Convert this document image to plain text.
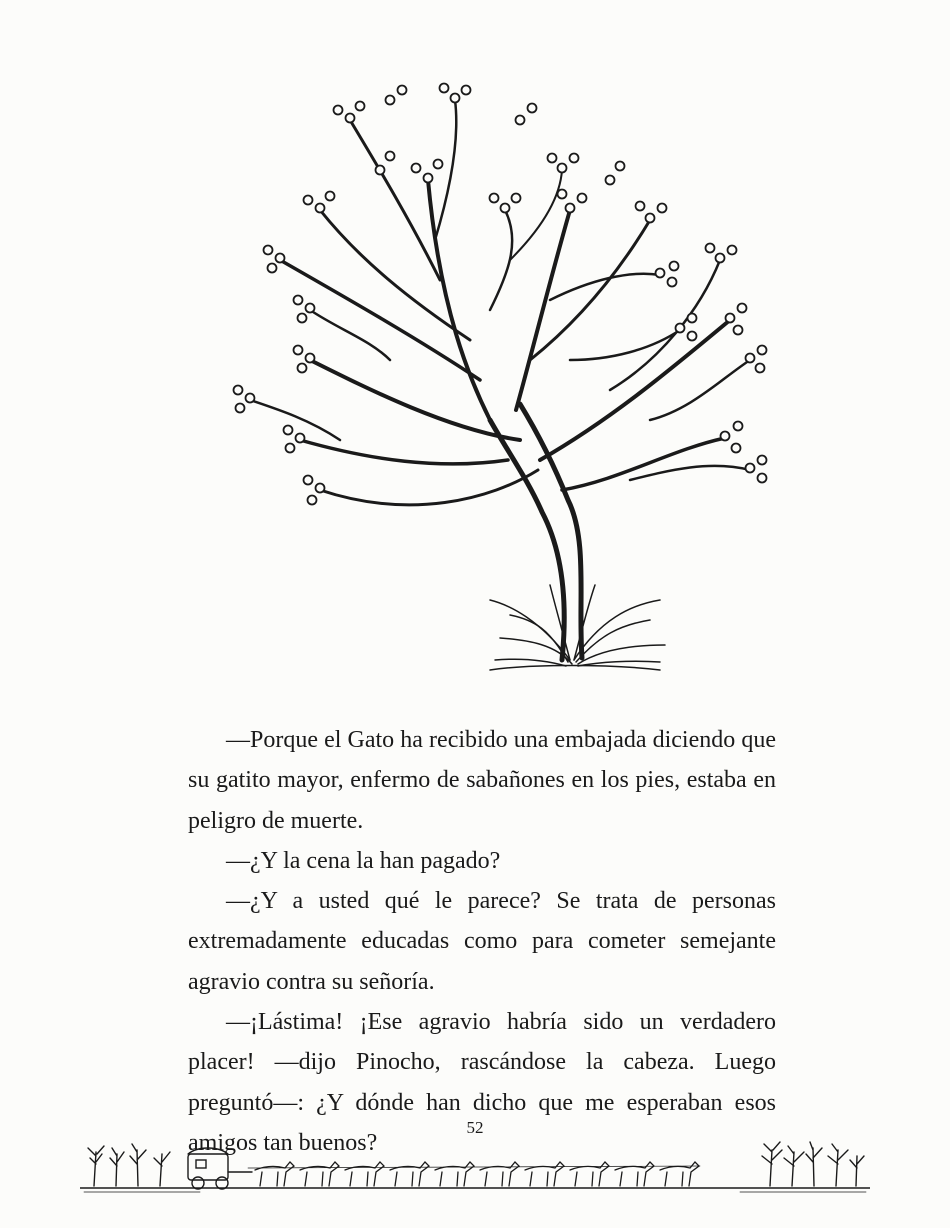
—Porque el Gato ha recibido una embajada diciendo que su gatito mayor, enfermo de sabañones en los pies, estaba en peligro de muerte.

—¿Y la cena la han pagado?

—¿Y a usted qué le parece? Se trata de personas extremadamente educadas como para cometer semejante agravio contra su señoría.

—¡Lástima! ¡Ese agravio habría sido un verdadero placer! —dijo Pinocho, rascándose la cabeza. Luego preguntó—: ¿Y dónde han dicho que me esperaban esos amigos tan buenos?

52
